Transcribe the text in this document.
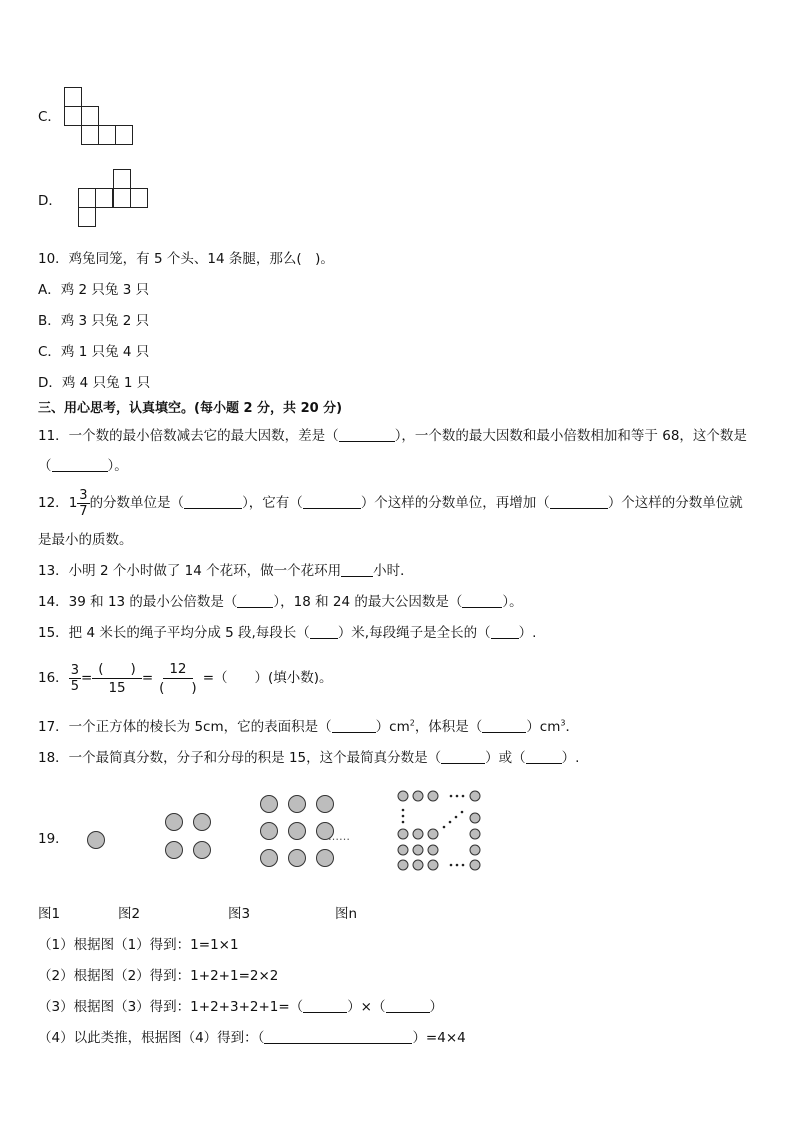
C．
D．
10．鸡兔同笼，有 5 个头、14 条腿，那么(　)。
A．鸡 2 只兔 3 只
B．鸡 3 只兔 2 只
C．鸡 1 只兔 4 只
D．鸡 4 只兔 1 只
三、用心思考，认真填空。(每小题 2 分，共 20 分)
11．一个数的最小倍数减去它的最大因数，差是（	），一个数的最大因数和最小倍数相加和等于 68，这个数是
（	）。
12． $1 \frac{3}{7}$ 的分数单位是（	），它有（	）个这样的分数单位，再增加（	）个这样的分数单位就
是最小的质数。
13．小明 2 个小时做了 14 个花环，做一个花环用 小时．
14．39 和 13 的最小公倍数是（	），18 和 24 的最大公因数是（	）。
15．把 4 米长的绳子平均分成 5 段,每段长（ ）米,每段绳子是全长的（ ）.
16． $\frac{3}{5} = \frac{( )}{15} = \frac{12}{( )}$ =（　　）(填小数)。
17．一个正方体的棱长为 5cm，它的表面积是（	）$cm^2$，体积是（	）$cm^3$．
18．一个最简真分数，分子和分母的积是 15，这个最简真分数是（	）或（	）.
19．	……
图1	图2	图3	图n
（1）根据图（1）得到：1=1×1
（2）根据图（2）得到：1+2+1=2×2
（3）根据图（3）得到：1+2+3+2+1=（	）×（	）
（4）以此类推，根据图（4）得到：（	）=4×4
